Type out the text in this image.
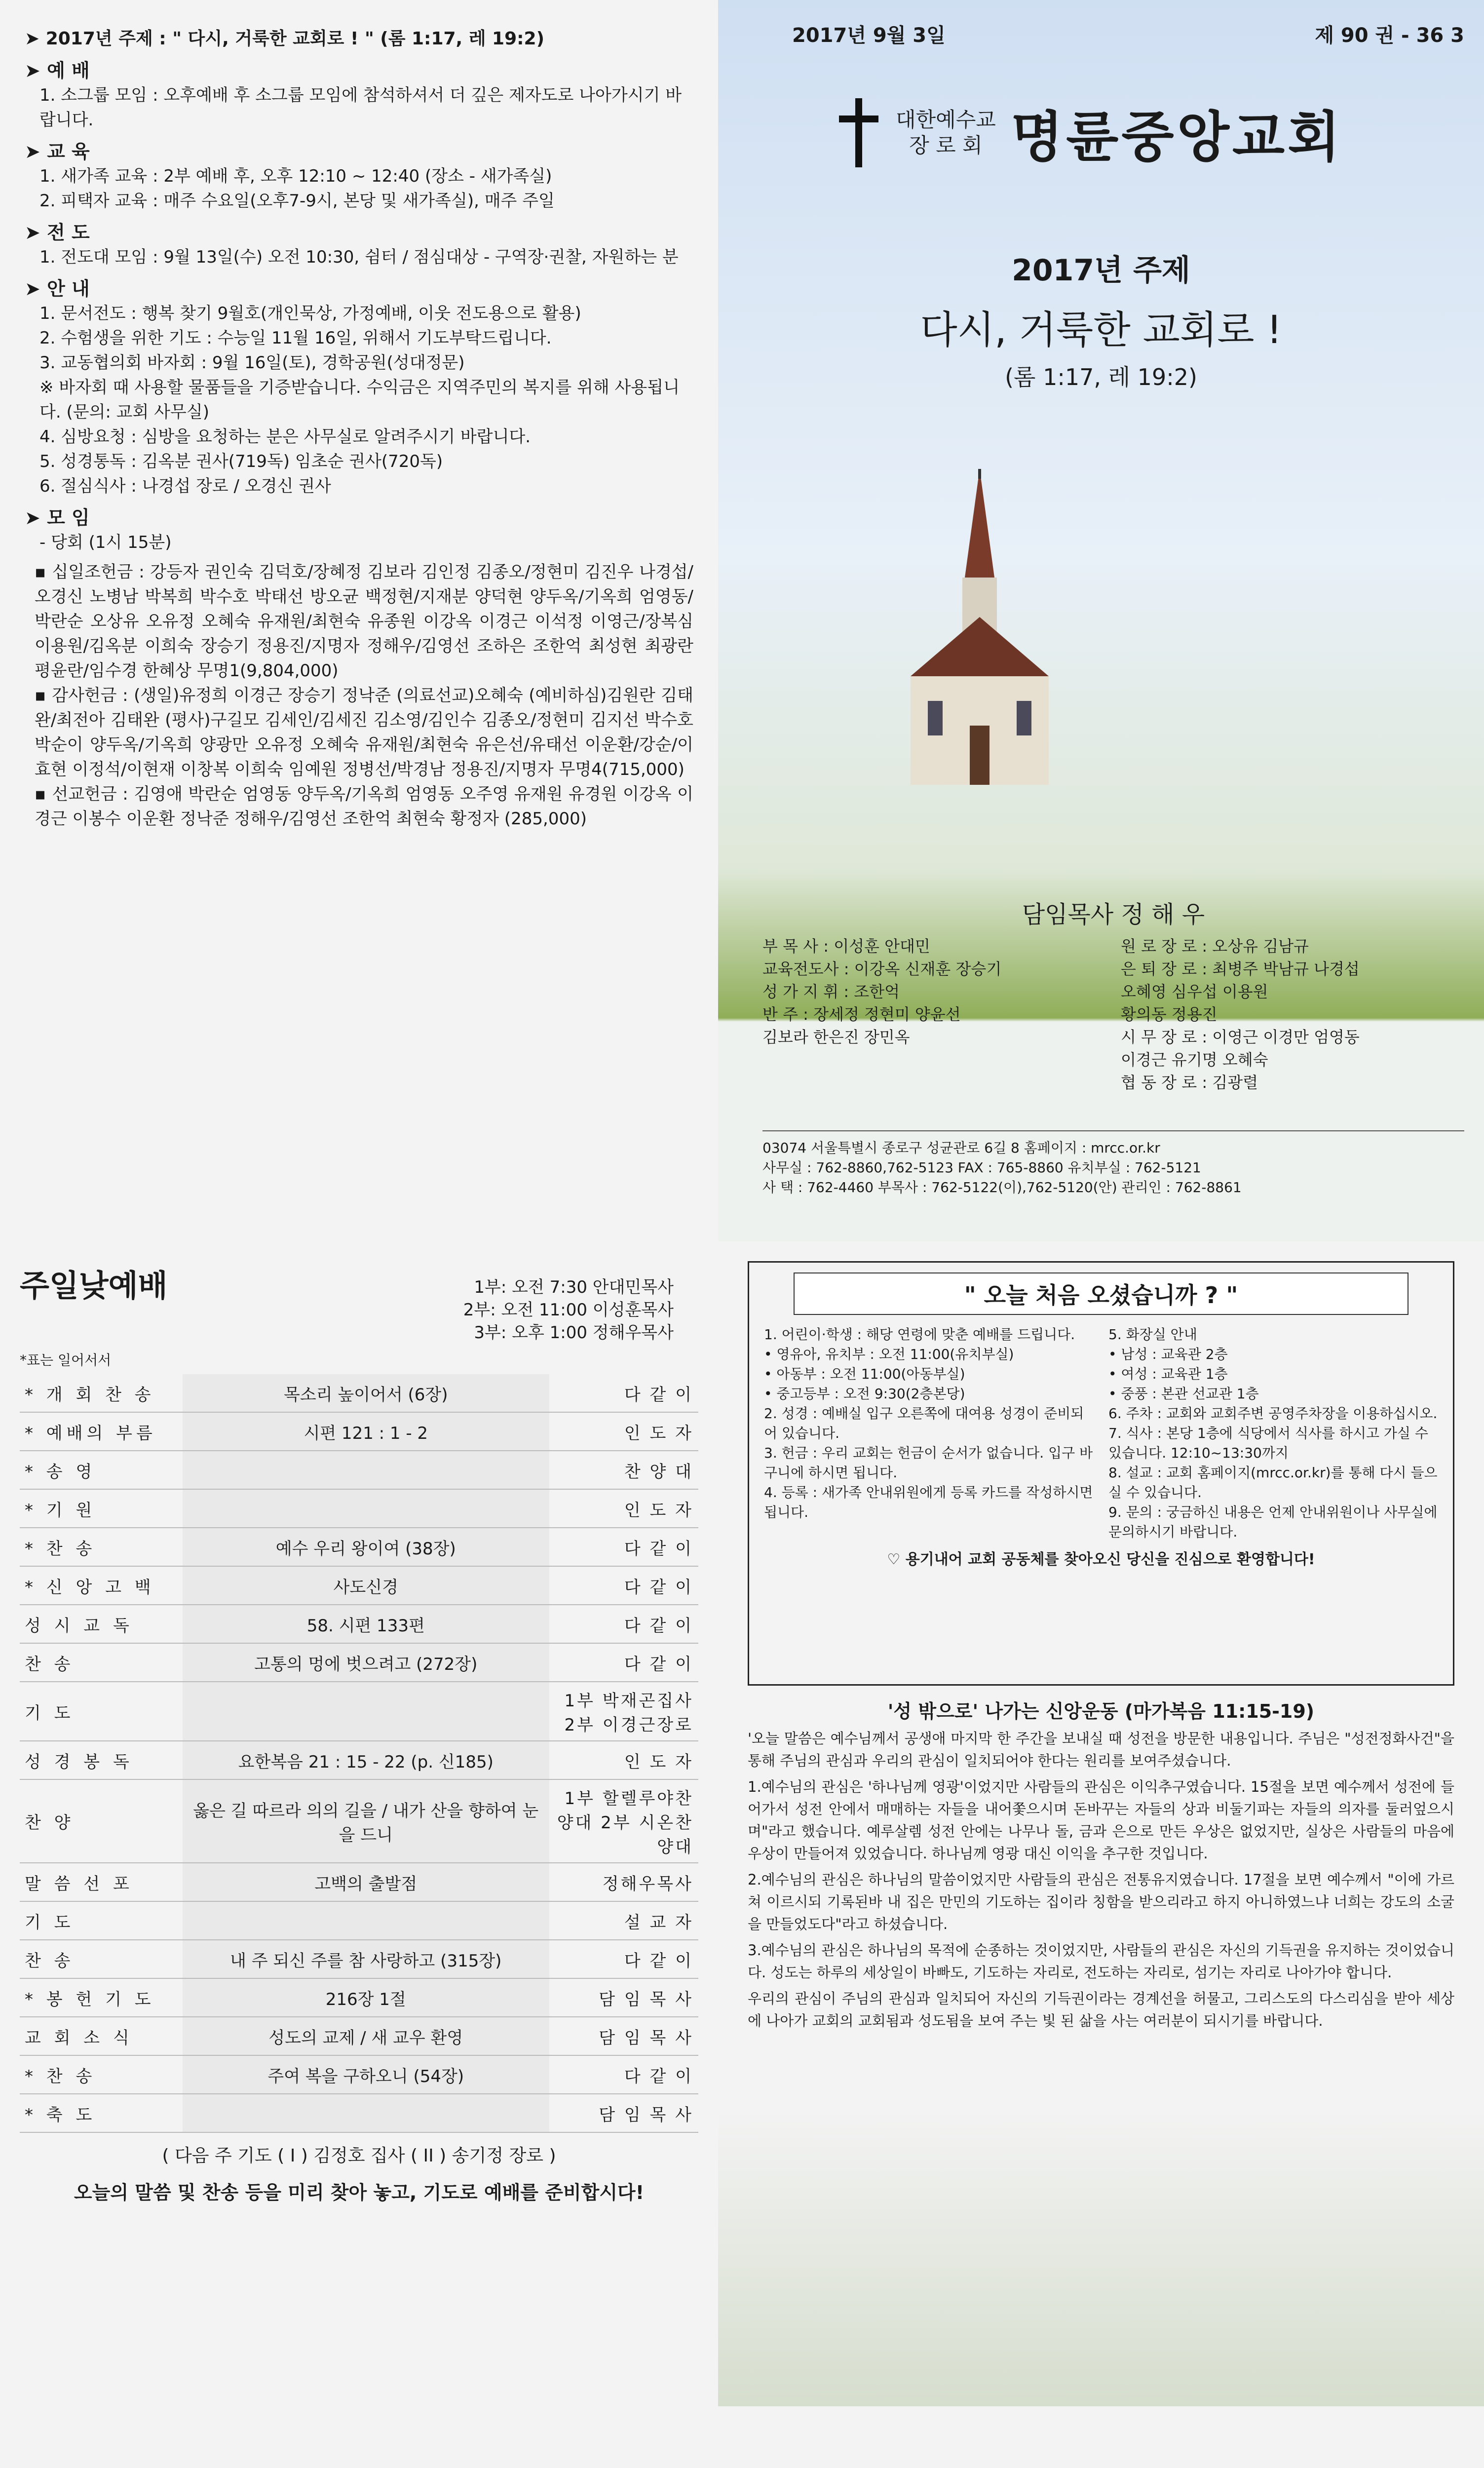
➤ 2017년 주제 : " 다시, 거룩한 교회로 ! " (롬 1:17, 레 19:2)
➤ 예 배
1. 소그룹 모임 : 오후예배 후 소그룹 모임에 참석하셔서 더 깊은 제자도로 나아가시기 바랍니다.
➤ 교 육
1. 새가족 교육 : 2부 예배 후, 오후 12:10 ~ 12:40 (장소 - 새가족실)
2. 피택자 교육 : 매주 수요일(오후7-9시, 본당 및 새가족실), 매주 주일
➤ 전 도
1. 전도대 모임 : 9월 13일(수) 오전 10:30, 쉼터 / 점심대상 - 구역장·권찰, 자원하는 분
➤ 안 내
1. 문서전도 : 행복 찾기 9월호(개인묵상, 가정예배, 이웃 전도용으로 활용)
2. 수험생을 위한 기도 : 수능일 11월 16일, 위해서 기도부탁드립니다.
3. 교동협의회 바자회 : 9월 16일(토), 경학공원(성대정문)
※ 바자회 때 사용할 물품들을 기증받습니다. 수익금은 지역주민의 복지를 위해 사용됩니다. (문의: 교회 사무실)
4. 심방요청 : 심방을 요청하는 분은 사무실로 알려주시기 바랍니다.
5. 성경통독 : 김옥분 권사(719독) 임초순 권사(720독)
6. 절심식사 : 나경섭 장로 / 오경신 권사
➤ 모 임
- 당회 (1시 15분)
▪ 십일조헌금 : 강등자 권인숙 김덕호/장혜정 김보라 김인정 김종오/정현미 김진우 나경섭/오경신 노병남 박복희 박수호 박태선 방오균 백정현/지재분 양덕현 양두옥/기옥희 엄영동/박란순 오상유 오유정 오혜숙 유재원/최현숙 유종원 이강옥 이경근 이석정 이영근/장복심 이용원/김옥분 이희숙 장승기 정용진/지명자 정해우/김영선 조하은 조한억 최성현 최광란 평윤란/임수경 한혜상 무명1(9,804,000)
▪ 감사헌금 : (생일)유정희 이경근 장승기 정낙준 (의료선교)오혜숙 (예비하심)김원란 김태완/최전아 김태완 (평사)구길모 김세인/김세진 김소영/김인수 김종오/정현미 김지선 박수호 박순이 양두옥/기옥희 양광만 오유정 오혜숙 유재원/최현숙 유은선/유태선 이운환/강순/이효현 이정석/이현재 이창복 이희숙 임예원 정병선/박경남 정용진/지명자 무명4(715,000)
▪ 선교헌금 : 김영애 박란순 엄영동 양두옥/기옥희 엄영동 오주영 유재원 유경원 이강옥 이경근 이봉수 이운환 정낙준 정해우/김영선 조한억 최현숙 황정자 (285,000)
2017년 9월 3일	제 90 권 - 36 3
대한예수교
장 로 회 명륜중앙교회
2017년 주제
다시, 거룩한 교회로 !
(롬 1:17, 레 19:2)
담임목사 정 해 우
부 목 사 : 이성훈 안대민
교육전도사 : 이강옥 신재훈 장승기
성 가 지 휘 : 조한억
반 주 : 장세정 정현미 양윤선
김보라 한은진 장민옥
원 로 장 로 : 오상유 김남규
은 퇴 장 로 : 최병주 박남규 나경섭
오혜영 심우섭 이용원
황의동 정용진
시 무 장 로 : 이영근 이경만 엄영동
이경근 유기명 오혜숙
협 동 장 로 : 김광렬
03074 서울특별시 종로구 성균관로 6길 8 홈페이지 : mrcc.or.kr
사무실 : 762-8860,762-5123 FAX : 765-8860 유치부실 : 762-5121
사 택 : 762-4460 부목사 : 762-5122(이),762-5120(안) 관리인 : 762-8861
주일낮예배	1부: 오전 7:30 안대민목사
2부: 오전 11:00 이성훈목사
3부: 오후 1:00 정해우목사
*표는 일어서서
* 개 회 찬 송	목소리 높이어서 (6장)	다 같 이
* 예배의 부름	시편 121 : 1 - 2	인 도 자
* 송 영		찬 양 대
* 기 원		인 도 자
* 찬 송	예수 우리 왕이여 (38장)	다 같 이
* 신 앙 고 백	사도신경	다 같 이
성 시 교 독	58. 시편 133편	다 같 이
찬 송	고통의 멍에 벗으려고 (272장)	다 같 이
기 도		1부 박재곤집사 2부 이경근장로
성 경 봉 독	요한복음 21 : 15 - 22 (p. 신185)	인 도 자
찬 양	옳은 길 따르라 의의 길을 / 내가 산을 향하여 눈을 드니	1부 할렐루야찬양대 2부 시온찬양대
말 씀 선 포	고백의 출발점	정해우목사
기 도		설 교 자
찬 송	내 주 되신 주를 참 사랑하고 (315장)	다 같 이
* 봉 헌 기 도	216장 1절	담 임 목 사
교 회 소 식	성도의 교제 / 새 교우 환영	담 임 목 사
* 찬 송	주여 복을 구하오니 (54장)	다 같 이
* 축 도		담 임 목 사
( 다음 주 기도 ( I ) 김정호 집사 ( II ) 송기정 장로 )
오늘의 말씀 및 찬송 등을 미리 찾아 놓고, 기도로 예배를 준비합시다!
" 오늘 처음 오셨습니까 ? "
1. 어린이·학생 : 해당 연령에 맞춘 예배를 드립니다.
• 영유아, 유치부 : 오전 11:00(유치부실)
• 아동부 : 오전 11:00(아동부실)
• 중고등부 : 오전 9:30(2층본당)
2. 성경 : 예배실 입구 오른쪽에 대여용 성경이 준비되어 있습니다.
3. 헌금 : 우리 교회는 헌금이 순서가 없습니다. 입구 바구니에 하시면 됩니다.
4. 등록 : 새가족 안내위원에게 등록 카드를 작성하시면 됩니다.
5. 화장실 안내
• 남성 : 교육관 2층
• 여성 : 교육관 1층
• 중풍 : 본관 선교관 1층
6. 주차 : 교회와 교회주변 공영주차장을 이용하십시오.
7. 식사 : 본당 1층에 식당에서 식사를 하시고 가실 수 있습니다. 12:10~13:30까지
8. 설교 : 교회 홈페이지(mrcc.or.kr)를 통해 다시 들으실 수 있습니다.
9. 문의 : 궁금하신 내용은 언제 안내위원이나 사무실에 문의하시기 바랍니다.
♡ 용기내어 교회 공동체를 찾아오신 당신을 진심으로 환영합니다!
'성 밖으로' 나가는 신앙운동 (마가복음 11:15-19)
'오늘 말씀은 예수님께서 공생애 마지막 한 주간을 보내실 때 성전을 방문한 내용입니다. 주님은 "성전정화사건"을 통해 주님의 관심과 우리의 관심이 일치되어야 한다는 원리를 보여주셨습니다.
1.예수님의 관심은 '하나님께 영광'이었지만 사람들의 관심은 이익추구였습니다. 15절을 보면 예수께서 성전에 들어가서 성전 안에서 매매하는 자들을 내어쫓으시며 돈바꾸는 자들의 상과 비둘기파는 자들의 의자를 둘러엎으시며"라고 했습니다. 예루살렘 성전 안에는 나무나 돌, 금과 은으로 만든 우상은 없었지만, 실상은 사람들의 마음에 우상이 만들어져 있었습니다. 하나님께 영광 대신 이익을 추구한 것입니다.
2.예수님의 관심은 하나님의 말씀이었지만 사람들의 관심은 전통유지였습니다. 17절을 보면 예수께서 "이에 가르쳐 이르시되 기록된바 내 집은 만민의 기도하는 집이라 칭함을 받으리라고 하지 아니하였느냐 너희는 강도의 소굴을 만들었도다"라고 하셨습니다.
3.예수님의 관심은 하나님의 목적에 순종하는 것이었지만, 사람들의 관심은 자신의 기득권을 유지하는 것이었습니다. 성도는 하루의 세상일이 바빠도, 기도하는 자리로, 전도하는 자리로, 섬기는 자리로 나아가야 합니다.
우리의 관심이 주님의 관심과 일치되어 자신의 기득권이라는 경계선을 허물고, 그리스도의 다스리심을 받아 세상에 나아가 교회의 교회됨과 성도됨을 보여 주는 빛 된 삶을 사는 여러분이 되시기를 바랍니다.
